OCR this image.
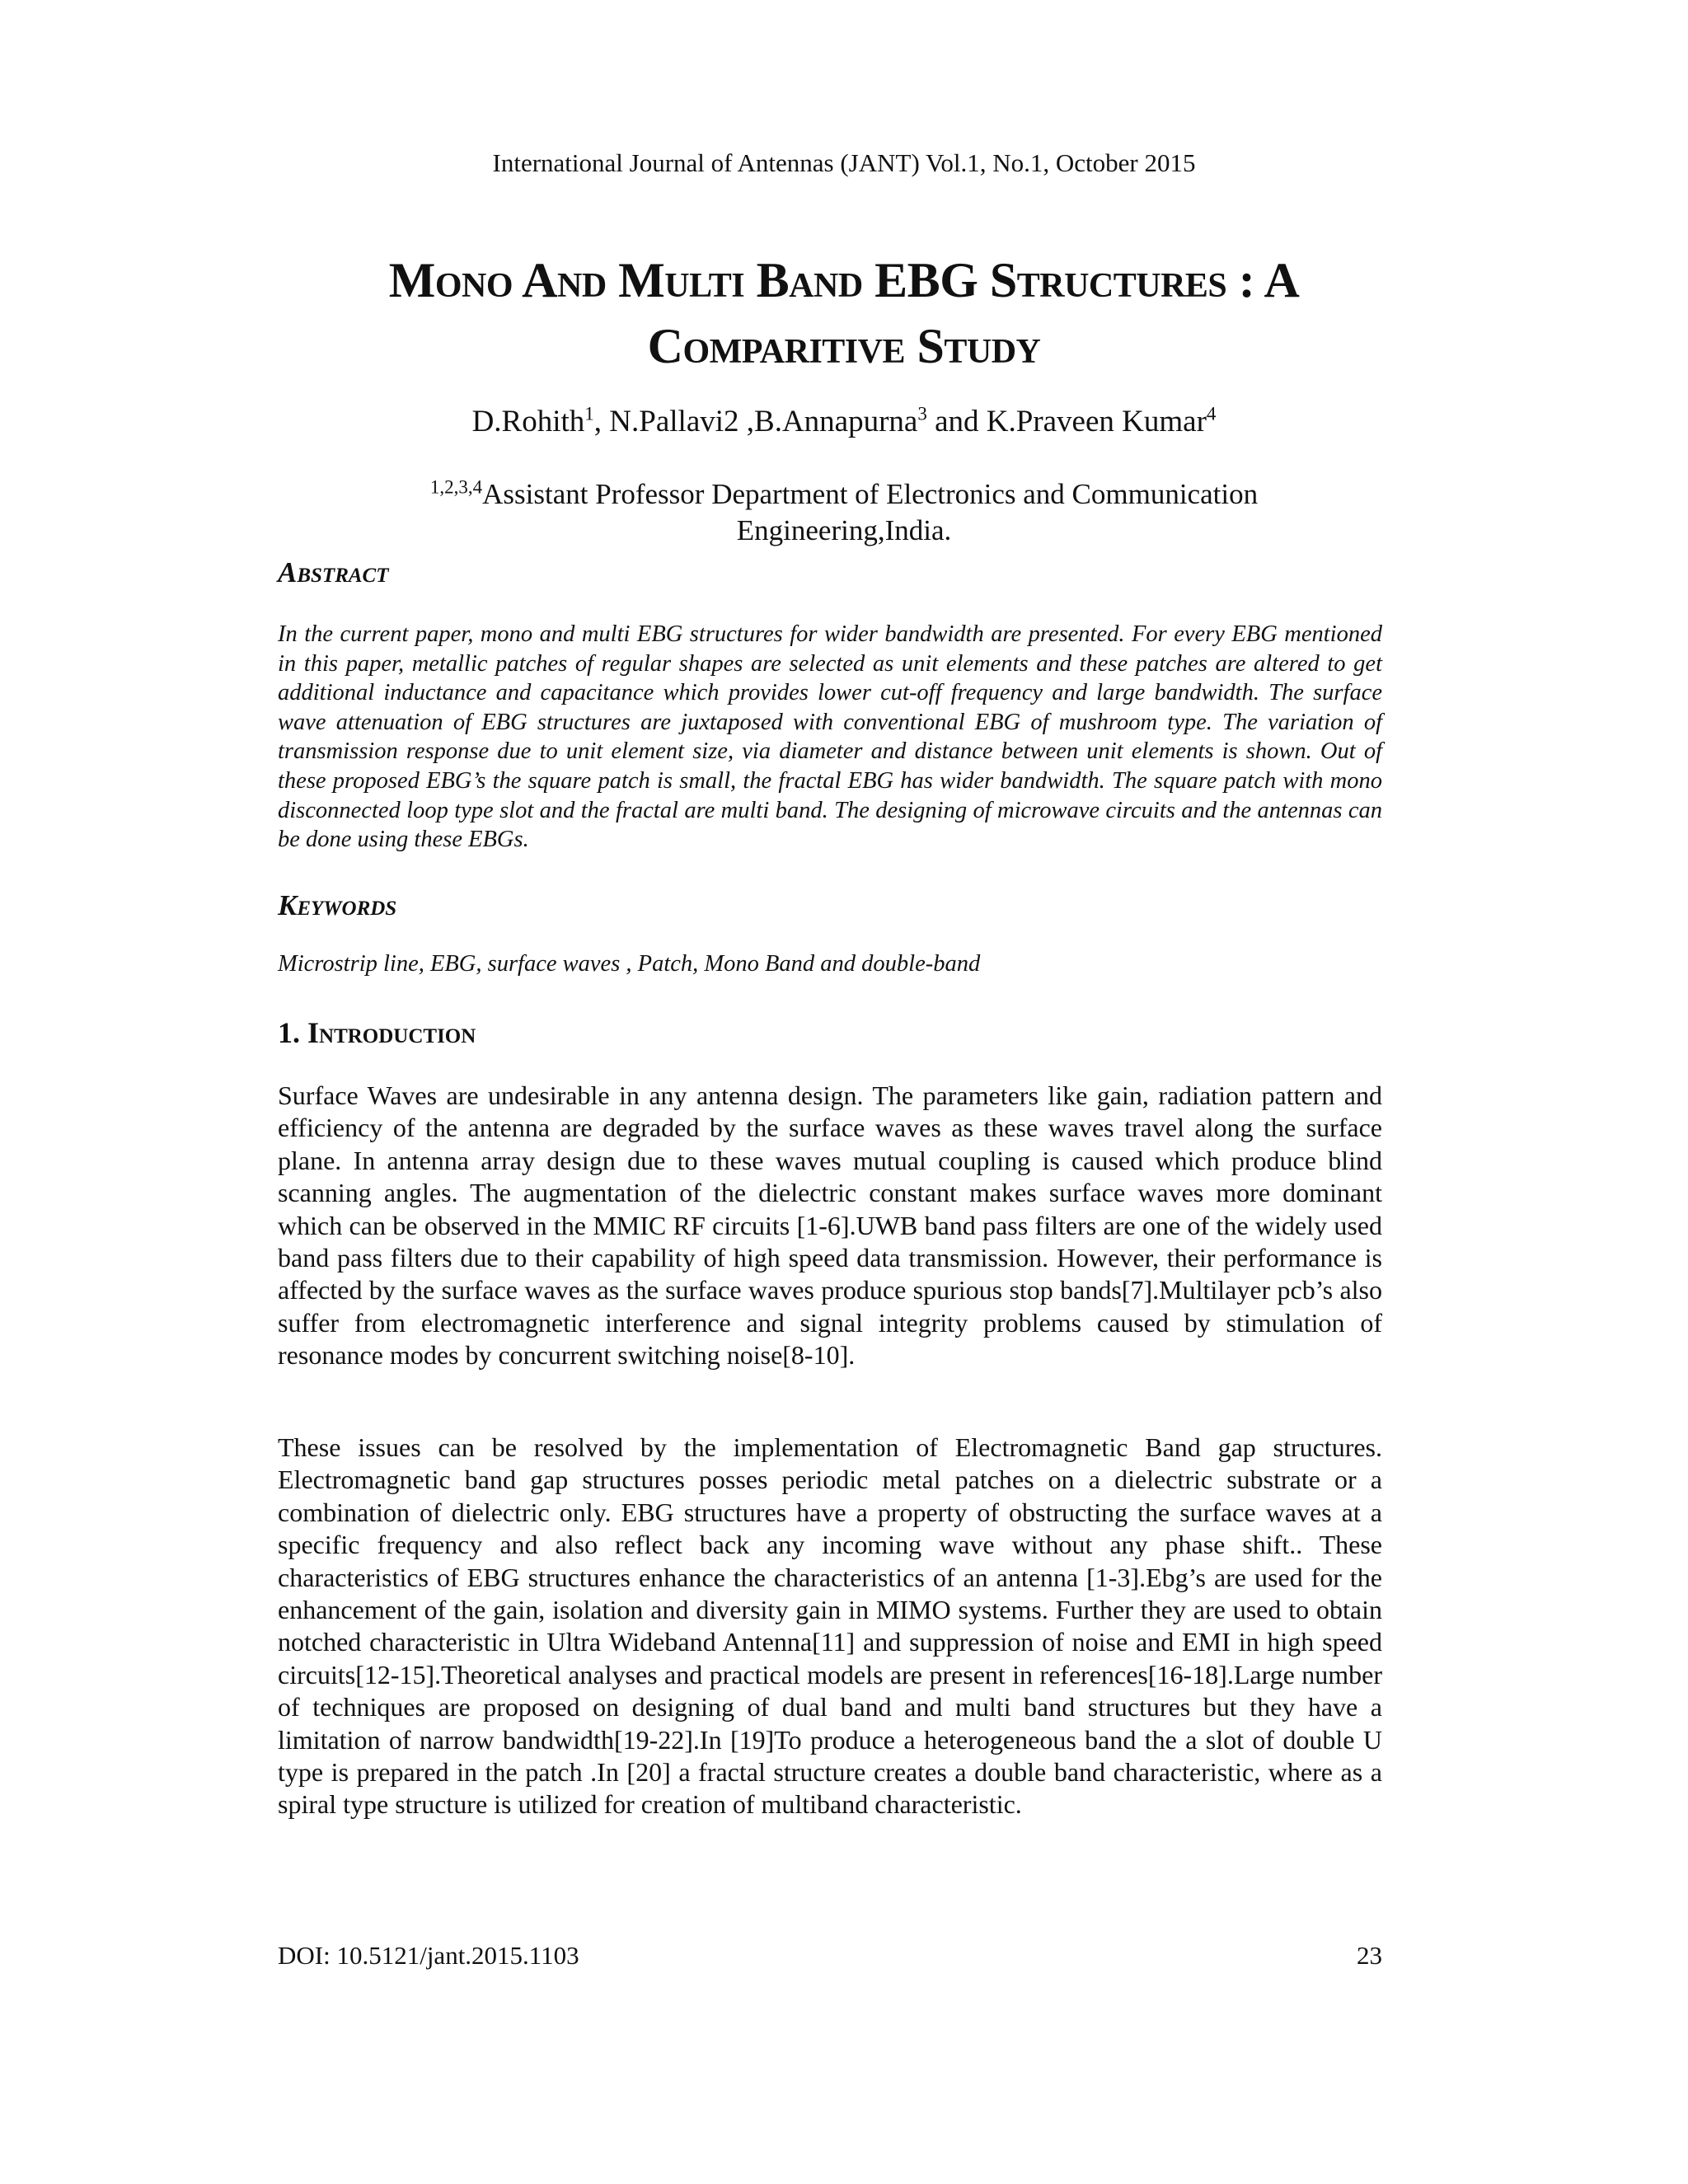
International Journal of Antennas (JANT) Vol.1, No.1, October 2015
Mono And Multi Band EBG Structures : A
Comparitive Study
D.Rohith$^1$, N.Pallavi2 ,B.Annapurna$^3$ and K.Praveen Kumar$^4$
$^{1,2,3,4}$Assistant Professor Department of Electronics and Communication Engineering,India.
Abstract
In the current paper, mono and multi EBG structures for wider bandwidth are presented. For every EBG mentioned in this paper, metallic patches of regular shapes are selected as unit elements and these patches are altered to get additional inductance and capacitance which provides lower cut-off frequency and large bandwidth. The surface wave attenuation of EBG structures are juxtaposed with conventional EBG of mushroom type. The variation of transmission response due to unit element size, via diameter and distance between unit elements is shown. Out of these proposed EBG’s the square patch is small, the fractal EBG has wider bandwidth. The square patch with mono disconnected loop type slot and the fractal are multi band. The designing of microwave circuits and the antennas can be done using these EBGs.
Keywords
Microstrip line, EBG, surface waves , Patch, Mono Band and double-band
1. Introduction
Surface Waves are undesirable in any antenna design. The parameters like gain, radiation pattern and efficiency of the antenna are degraded by the surface waves as these waves travel along the surface plane. In antenna array design due to these waves mutual coupling is caused which produce blind scanning angles. The augmentation of the dielectric constant makes surface waves more dominant which can be observed in the MMIC RF circuits [1-6].UWB band pass filters are one of the widely used band pass filters due to their capability of high speed data transmission. However, their performance is affected by the surface waves as the surface waves produce spurious stop bands[7].Multilayer pcb’s also suffer from electromagnetic interference and signal integrity problems caused by stimulation of resonance modes by concurrent switching noise[8-10].
These issues can be resolved by the implementation of Electromagnetic Band gap structures. Electromagnetic band gap structures posses periodic metal patches on a dielectric substrate or a combination of dielectric only. EBG structures have a property of obstructing the surface waves at a specific frequency and also reflect back any incoming wave without any phase shift.. These characteristics of EBG structures enhance the characteristics of an antenna [1-3].Ebg’s are used for the enhancement of the gain, isolation and diversity gain in MIMO systems. Further they are used to obtain notched characteristic in Ultra Wideband Antenna[11] and suppression of noise and EMI in high speed circuits[12-15].Theoretical analyses and practical models are present in references[16-18].Large number of techniques are proposed on designing of dual band and multi band structures but they have a limitation of narrow bandwidth[19-22].In [19]To produce a heterogeneous band the a slot of double U type is prepared in the patch .In [20] a fractal structure creates a double band characteristic, where as a spiral type structure is utilized for creation of multiband characteristic.
DOI: 10.5121/jant.2015.1103	23
